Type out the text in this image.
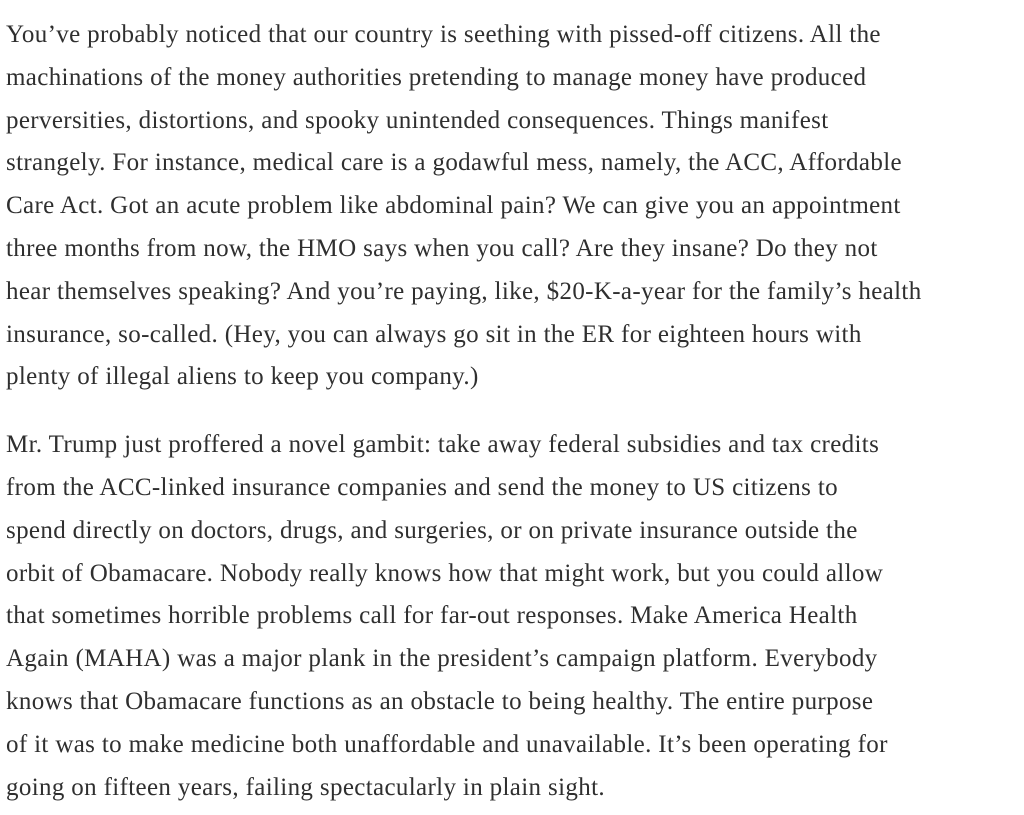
You’ve probably noticed that our country is seething with pissed-off citizens. All the
machinations of the money authorities pretending to manage money have produced
perversities, distortions, and spooky unintended consequences. Things manifest
strangely. For instance, medical care is a godawful mess, namely, the ACC, Affordable
Care Act. Got an acute problem like abdominal pain? We can give you an appointment
three months from now, the HMO says when you call? Are they insane? Do they not
hear themselves speaking? And you’re paying, like, $20-K-a-year for the family’s health
insurance, so-called. (Hey, you can always go sit in the ER for eighteen hours with
plenty of illegal aliens to keep you company.)

Mr. Trump just proffered a novel gambit: take away federal subsidies and tax credits
from the ACC-linked insurance companies and send the money to US citizens to
spend directly on doctors, drugs, and surgeries, or on private insurance outside the
orbit of Obamacare. Nobody really knows how that might work, but you could allow
that sometimes horrible problems call for far-out responses. Make America Health
Again (MAHA) was a major plank in the president’s campaign platform. Everybody
knows that Obamacare functions as an obstacle to being healthy. The entire purpose
of it was to make medicine both unaffordable and unavailable. It’s been operating for
going on fifteen years, failing spectacularly in plain sight.
